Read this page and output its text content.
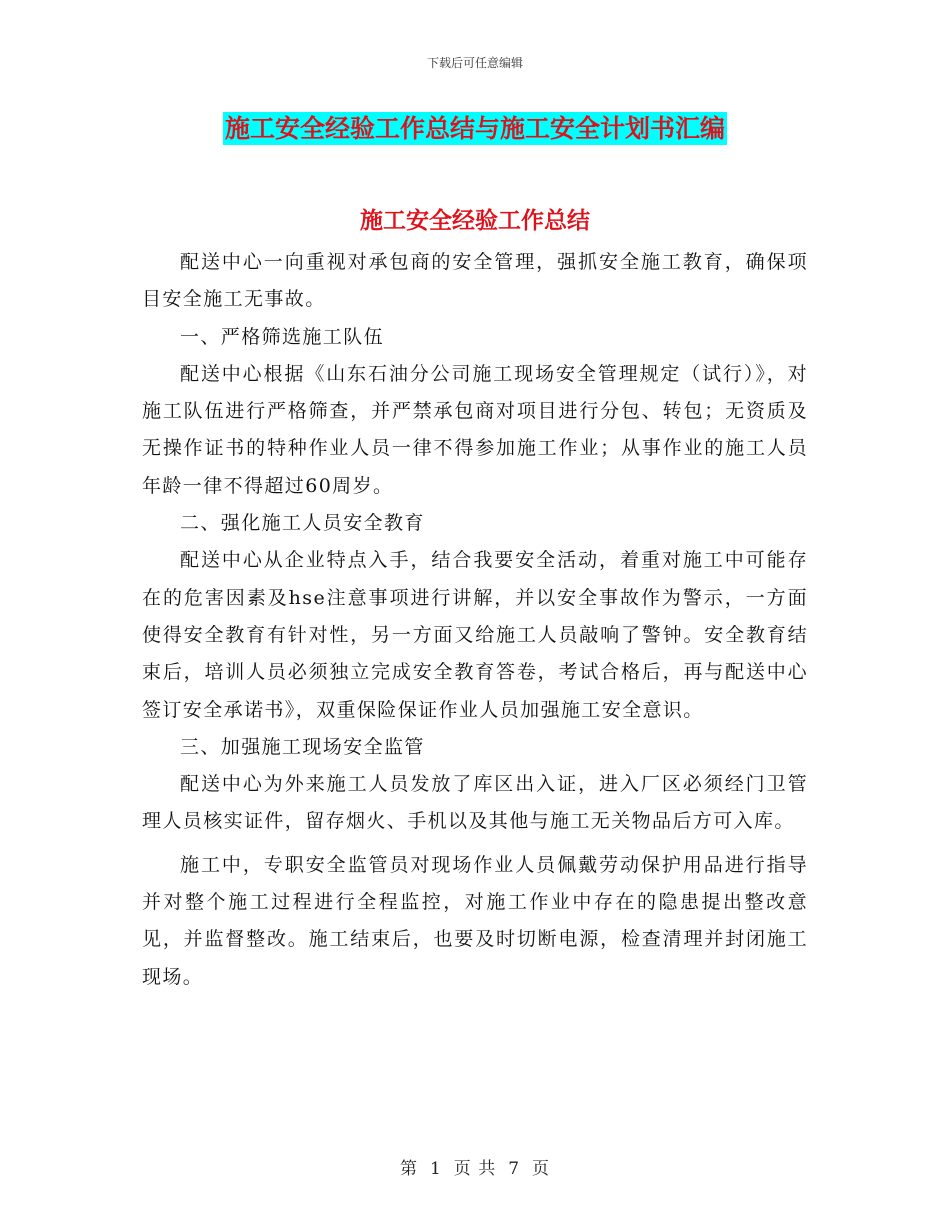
下载后可任意编辑
施工安全经验工作总结与施工安全计划书汇编
施工安全经验工作总结

配送中心一向重视对承包商的安全管理，强抓安全施工教育，确保项目安全施工无事故。

一、严格筛选施工队伍

配送中心根据《山东石油分公司施工现场安全管理规定（试行）》，对施工队伍进行严格筛查，并严禁承包商对项目进行分包、转包；无资质及无操作证书的特种作业人员一律不得参加施工作业；从事作业的施工人员年龄一律不得超过60周岁。

二、强化施工人员安全教育

配送中心从企业特点入手，结合我要安全活动，着重对施工中可能存在的危害因素及hse注意事项进行讲解，并以安全事故作为警示，一方面使得安全教育有针对性，另一方面又给施工人员敲响了警钟。安全教育结束后，培训人员必须独立完成安全教育答卷，考试合格后，再与配送中心签订安全承诺书》，双重保险保证作业人员加强施工安全意识。

三、加强施工现场安全监管

配送中心为外来施工人员发放了库区出入证，进入厂区必须经门卫管理人员核实证件，留存烟火、手机以及其他与施工无关物品后方可入库。

施工中，专职安全监管员对现场作业人员佩戴劳动保护用品进行指导并对整个施工过程进行全程监控，对施工作业中存在的隐患提出整改意见，并监督整改。施工结束后，也要及时切断电源，检查清理并封闭施工现场。

第 1 页 共 7 页
